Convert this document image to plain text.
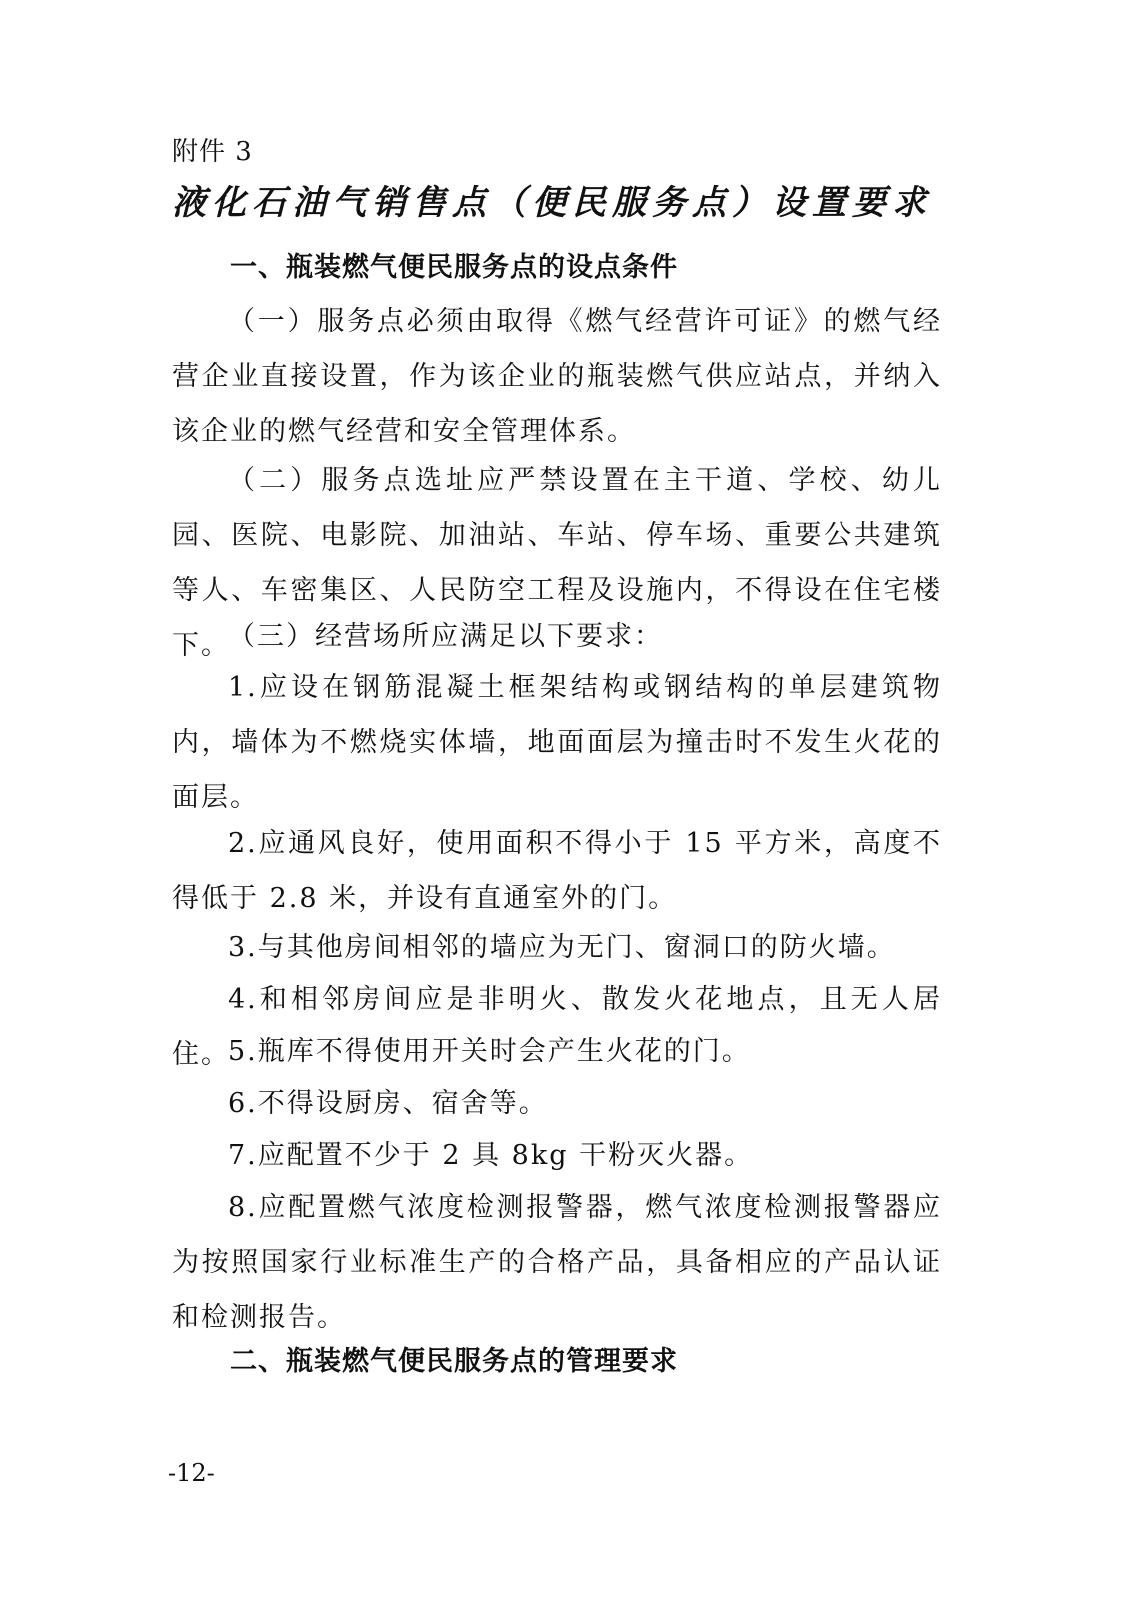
附件 3
液化石油气销售点（便民服务点）设置要求
一、瓶装燃气便民服务点的设点条件
（一）服务点必须由取得《燃气经营许可证》的燃气经营企业直接设置，作为该企业的瓶装燃气供应站点，并纳入该企业的燃气经营和安全管理体系。
（二）服务点选址应严禁设置在主干道、学校、幼儿园、医院、电影院、加油站、车站、停车场、重要公共建筑等人、车密集区、人民防空工程及设施内，不得设在住宅楼下。
（三）经营场所应满足以下要求：
1.应设在钢筋混凝土框架结构或钢结构的单层建筑物内，墙体为不燃烧实体墙，地面面层为撞击时不发生火花的面层。
2.应通风良好，使用面积不得小于 15 平方米，高度不得低于 2.8 米，并设有直通室外的门。
3.与其他房间相邻的墙应为无门、窗洞口的防火墙。
4.和相邻房间应是非明火、散发火花地点，且无人居住。
5.瓶库不得使用开关时会产生火花的门。
6.不得设厨房、宿舍等。
7.应配置不少于 2 具 8kg 干粉灭火器。
8.应配置燃气浓度检测报警器，燃气浓度检测报警器应为按照国家行业标准生产的合格产品，具备相应的产品认证和检测报告。
二、瓶装燃气便民服务点的管理要求
-12-
